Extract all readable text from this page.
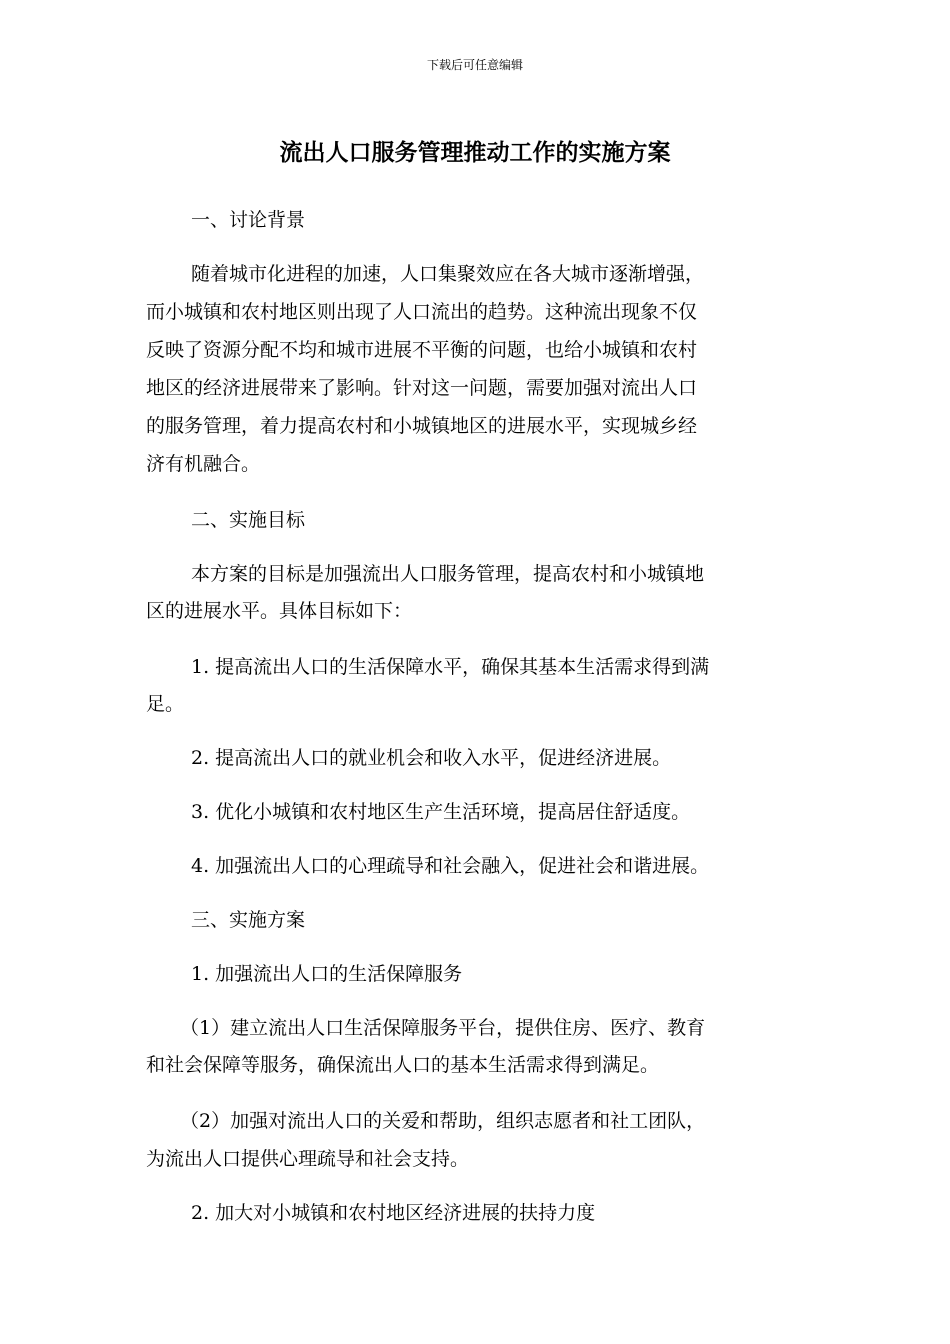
下载后可任意编辑
流出人口服务管理推动工作的实施方案
一、讨论背景
随着城市化进程的加速，人口集聚效应在各大城市逐渐增强，
而小城镇和农村地区则出现了人口流出的趋势。这种流出现象不仅
反映了资源分配不均和城市进展不平衡的问题，也给小城镇和农村
地区的经济进展带来了影响。针对这一问题，需要加强对流出人口
的服务管理，着力提高农村和小城镇地区的进展水平，实现城乡经
济有机融合。
二、实施目标
本方案的目标是加强流出人口服务管理，提高农村和小城镇地
区的进展水平。具体目标如下：
1. 提高流出人口的生活保障水平，确保其基本生活需求得到满
足。
2. 提高流出人口的就业机会和收入水平，促进经济进展。
3. 优化小城镇和农村地区生产生活环境，提高居住舒适度。
4. 加强流出人口的心理疏导和社会融入，促进社会和谐进展。
三、实施方案
1. 加强流出人口的生活保障服务
（1）建立流出人口生活保障服务平台，提供住房、医疗、教育
和社会保障等服务，确保流出人口的基本生活需求得到满足。
（2）加强对流出人口的关爱和帮助，组织志愿者和社工团队，
为流出人口提供心理疏导和社会支持。
2. 加大对小城镇和农村地区经济进展的扶持力度
